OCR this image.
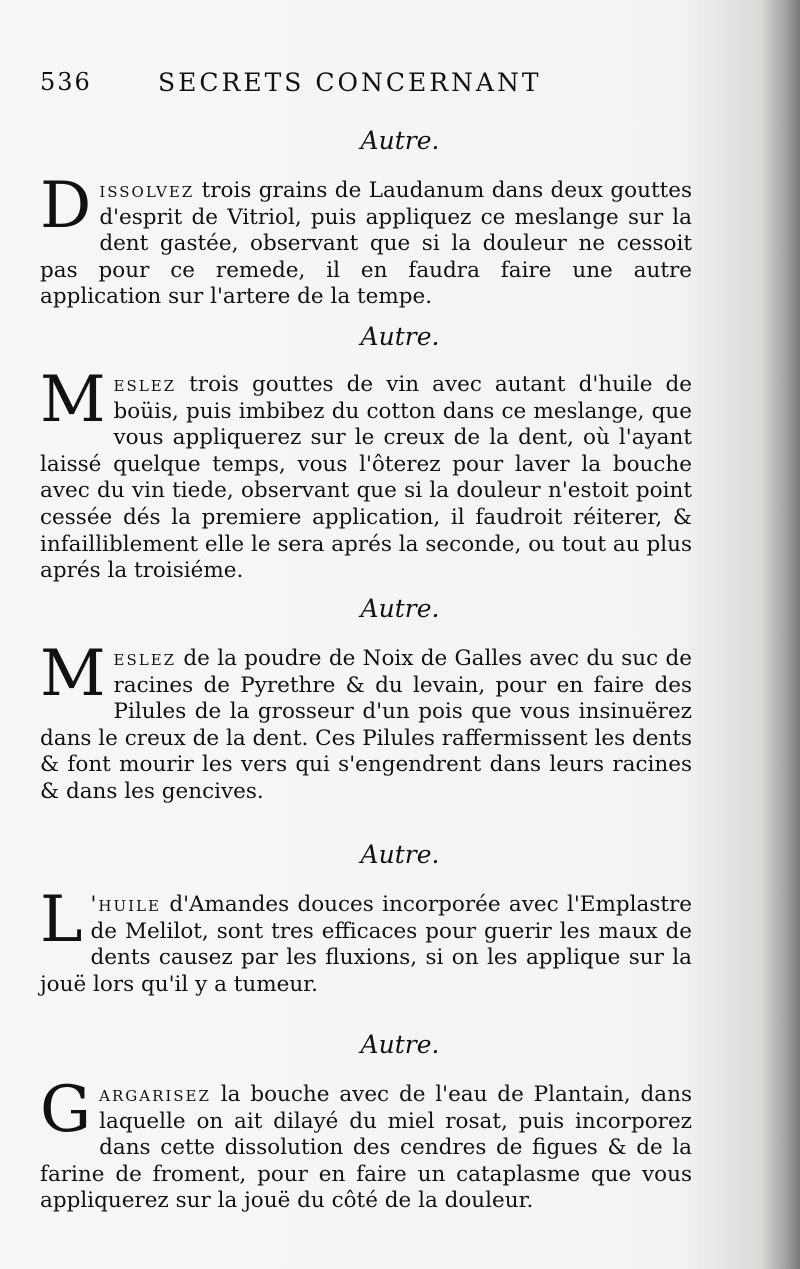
536	SECRETS CONCERNANT
Autre.
Dissolvez trois grains de Laudanum dans deux gouttes d'esprit de Vitriol, puis appliquez ce meslange sur la dent gastée, observant que si la douleur ne cessoit pas pour ce remede, il en faudra faire une autre application sur l'artere de la tempe.
Autre.
Meslez trois gouttes de vin avec autant d'huile de boüis, puis imbibez du cotton dans ce meslange, que vous appliquerez sur le creux de la dent, où l'ayant laissé quelque temps, vous l'ôterez pour laver la bouche avec du vin tiede, observant que si la douleur n'estoit point cessée dés la premiere application, il faudroit réiterer, & infailliblement elle le sera aprés la seconde, ou tout au plus aprés la troisiéme.
Autre.
Meslez de la poudre de Noix de Galles avec du suc de racines de Pyrethre & du levain, pour en faire des Pilules de la grosseur d'un pois que vous insinuërez dans le creux de la dent. Ces Pilules raffermissent les dents & font mourir les vers qui s'engendrent dans leurs racines & dans les gencives.
Autre.
L 'huile d'Amandes douces incorporée avec l'Emplastre de Melilot, sont tres efficaces pour guerir les maux de dents causez par les fluxions, si on les applique sur la jouë lors qu'il y a tumeur.
Autre.
Gargarisez la bouche avec de l'eau de Plantain, dans laquelle on ait dilayé du miel rosat, puis incorporez dans cette dissolution des cendres de figues & de la farine de froment, pour en faire un cataplasme que vous appliquerez sur la jouë du côté de la douleur.
